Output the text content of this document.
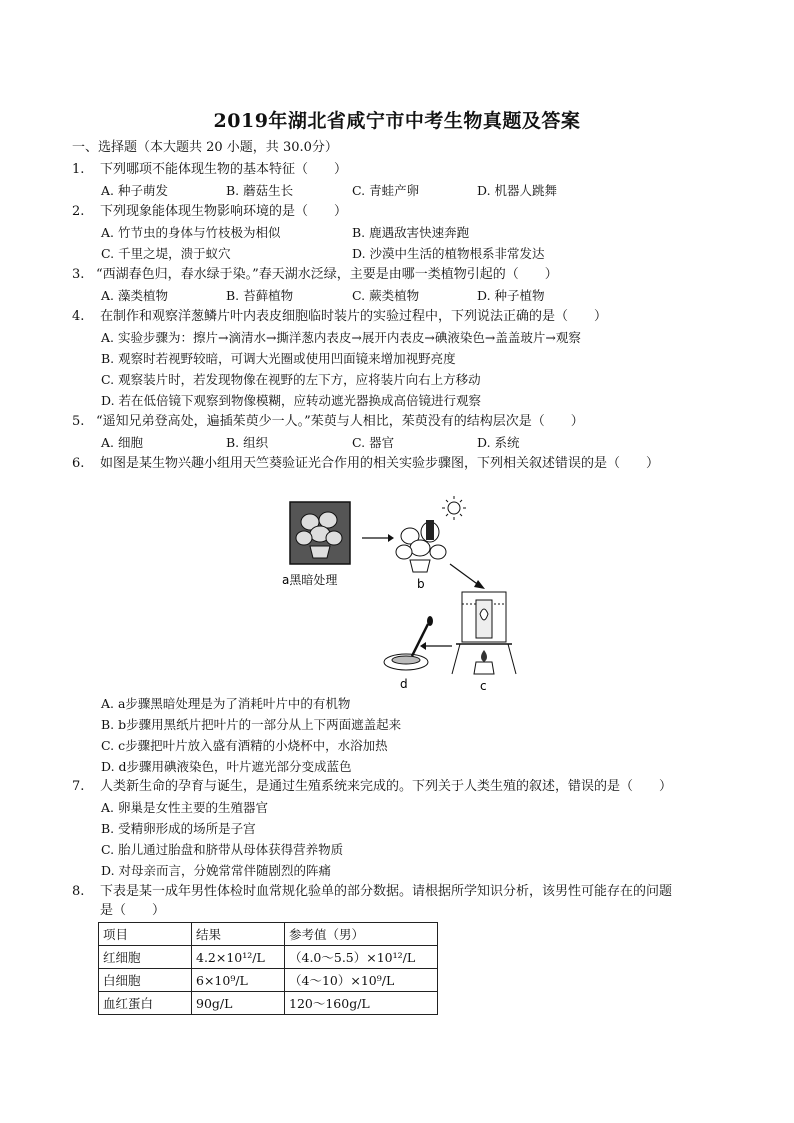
2019年湖北省咸宁市中考生物真题及答案
一、选择题（本大题共 20 小题，共 30.0分）
1. 下列哪项不能体现生物的基本特征（　　）
A. 种子萌发	B. 蘑菇生长	C. 青蛙产卵	D. 机器人跳舞
2. 下列现象能体现生物影响环境的是（　　）
A. 竹节虫的身体与竹枝极为相似	B. 鹿遇敌害快速奔跑
C. 千里之堤，溃于蚁穴	D. 沙漠中生活的植物根系非常发达
3. “西湖春色归，春水绿于染。”春天湖水泛绿，主要是由哪一类植物引起的（　　）
A. 藻类植物	B. 苔藓植物	C. 蕨类植物	D. 种子植物
4. 在制作和观察洋葱鳞片叶内表皮细胞临时装片的实验过程中，下列说法正确的是（　　）
A. 实验步骤为：擦片→滴清水→撕洋葱内表皮→展开内表皮→碘液染色→盖盖玻片→观察
B. 观察时若视野较暗，可调大光圈或使用凹面镜来增加视野亮度
C. 观察装片时，若发现物像在视野的左下方，应将装片向右上方移动
D. 若在低倍镜下观察到物像模糊，应转动遮光器换成高倍镜进行观察
5. “遥知兄弟登高处，遍插茱萸少一人。”茱萸与人相比，茱萸没有的结构层次是（　　）
A. 细胞	B. 组织	C. 器官	D. 系统
6. 如图是某生物兴趣小组用天竺葵验证光合作用的相关实验步骤图，下列相关叙述错误的是（　　）
a黑暗处理	b
c
d
A. a步骤黑暗处理是为了消耗叶片中的有机物
B. b步骤用黑纸片把叶片的一部分从上下两面遮盖起来
C. c步骤把叶片放入盛有酒精的小烧杯中，水浴加热
D. d步骤用碘液染色，叶片遮光部分变成蓝色
7. 人类新生命的孕育与诞生，是通过生殖系统来完成的。下列关于人类生殖的叙述，错误的是（　　）
A. 卵巢是女性主要的生殖器官
B. 受精卵形成的场所是子宫
C. 胎儿通过胎盘和脐带从母体获得营养物质
D. 对母亲而言，分娩常常伴随剧烈的阵痛
8. 下表是某一成年男性体检时血常规化验单的部分数据。请根据所学知识分析，该男性可能存在的问题
是（　　）
项目	结果	参考值（男）
红细胞	4.2×10¹²/L	（4.0～5.5）×10¹²/L
白细胞	6×10⁹/L	（4～10）×10⁹/L
血红蛋白	90g/L	120～160g/L
